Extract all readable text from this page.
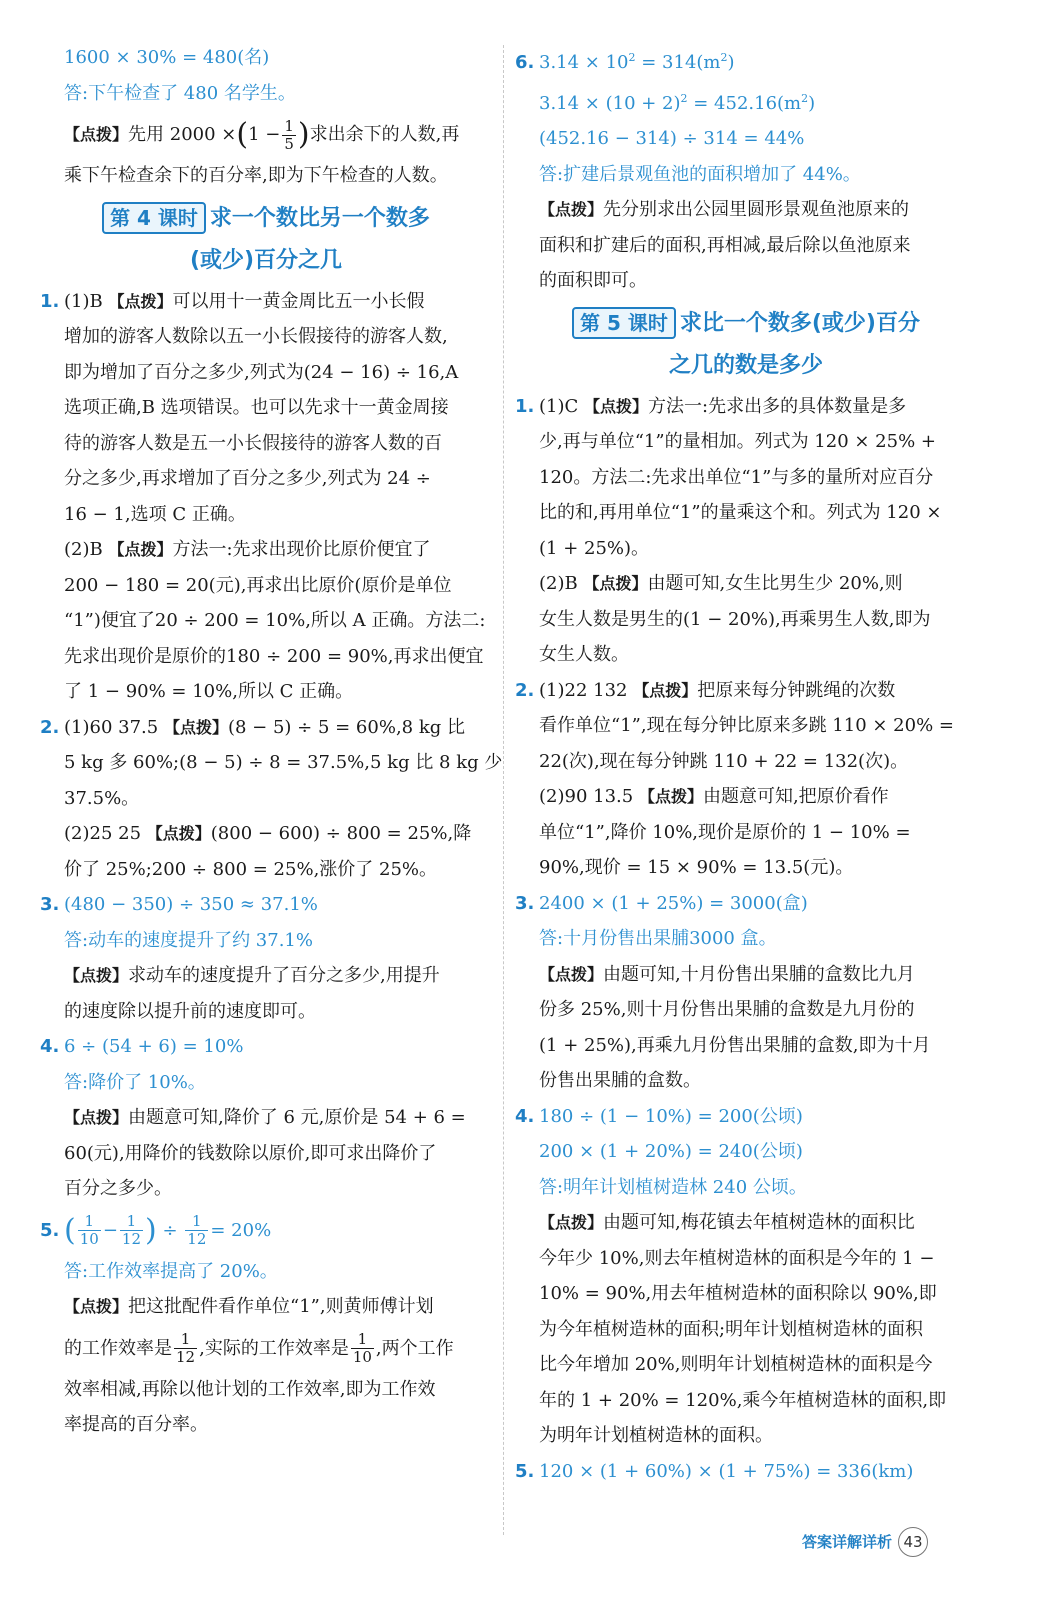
1600 × 30% = 480(名)
答:下午检查了 480 名学生。
【点拨】先用 $2000 \times(1 - \frac{1}{5}$ )求出余下的人数,再
乘下午检查余下的百分率,即为下午检查的人数。
第 4 课时 求一个数比另一个数多
(或少)百分之几
1. (1)B 【点拨】可以用十一黄金周比五一小长假
增加的游客人数除以五一小长假接待的游客人数,
即为增加了百分之多少,列式为(24 − 16) ÷ 16,A
选项正确,B 选项错误。也可以先求十一黄金周接
待的游客人数是五一小长假接待的游客人数的百
分之多少,再求增加了百分之多少,列式为 24 ÷
16 − 1,选项 C 正确。
(2)B 【点拨】方法一:先求出现价比原价便宜了
200 − 180 = 20(元),再求出比原价(原价是单位
“1”)便宜了20 ÷ 200 = 10%,所以 A 正确。方法二:
先求出现价是原价的180 ÷ 200 = 90%,再求出便宜
了 1 − 90% = 10%,所以 C 正确。
2. (1)60 37.5 【点拨】(8 − 5) ÷ 5 = 60%,8 kg 比
5 kg 多 60%;(8 − 5) ÷ 8 = 37.5%,5 kg 比 8 kg 少
37.5%。
(2)25 25 【点拨】(800 − 600) ÷ 800 = 25%,降
价了 25%;200 ÷ 800 = 25%,涨价了 25%。
3. (480 − 350) ÷ 350 ≈ 37.1%
答:动车的速度提升了约 37.1%
【点拨】求动车的速度提升了百分之多少,用提升
的速度除以提升前的速度即可。
4. 6 ÷ (54 + 6) = 10%
答:降价了 10%。
【点拨】由题意可知,降价了 6 元,原价是 54 + 6 =
60(元),用降价的钱数除以原价,即可求出降价了
百分之多少。
5. ( $\frac{1}{10} - \frac{1}{12}$ ) ÷ $\frac{1}{12} = 20\%$
答:工作效率提高了 20%。
【点拨】把这批配件看作单位“1”,则黄师傅计划
的工作效率是 $\frac{1}{12}$ ,实际的工作效率是 $\frac{1}{10}$ ,两个工作
效率相减,再除以他计划的工作效率,即为工作效
率提高的百分率。
6. $3.14 \times 10^2 = 314(m^2)$
$3.14 \times (10 + 2)^2 = 452.16(m^2)$
(452.16 − 314) ÷ 314 = 44%
答:扩建后景观鱼池的面积增加了 44%。
【点拨】先分别求出公园里圆形景观鱼池原来的
面积和扩建后的面积,再相减,最后除以鱼池原来
的面积即可。
第 5 课时 求比一个数多(或少)百分
之几的数是多少
1. (1)C 【点拨】方法一:先求出多的具体数量是多
少,再与单位“1”的量相加。列式为 120 × 25% +
120。方法二:先求出单位“1”与多的量所对应百分
比的和,再用单位“1”的量乘这个和。列式为 120 ×
(1 + 25%)。
(2)B 【点拨】由题可知,女生比男生少 20%,则
女生人数是男生的(1 − 20%),再乘男生人数,即为
女生人数。
2. (1)22 132 【点拨】把原来每分钟跳绳的次数
看作单位“1”,现在每分钟比原来多跳 110 × 20% =
22(次),现在每分钟跳 110 + 22 = 132(次)。
(2)90 13.5 【点拨】由题意可知,把原价看作
单位“1”,降价 10%,现价是原价的 1 − 10% =
90%,现价 = 15 × 90% = 13.5(元)。
3. 2400 × (1 + 25%) = 3000(盒)
答:十月份售出果脯3000 盒。
【点拨】由题可知,十月份售出果脯的盒数比九月
份多 25%,则十月份售出果脯的盒数是九月份的
(1 + 25%),再乘九月份售出果脯的盒数,即为十月
份售出果脯的盒数。
4. 180 ÷ (1 − 10%) = 200(公顷)
200 × (1 + 20%) = 240(公顷)
答:明年计划植树造林 240 公顷。
【点拨】由题可知,梅花镇去年植树造林的面积比
今年少 10%,则去年植树造林的面积是今年的 1 −
10% = 90%,用去年植树造林的面积除以 90%,即
为今年植树造林的面积;明年计划植树造林的面积
比今年增加 20%,则明年计划植树造林的面积是今
年的 1 + 20% = 120%,乘今年植树造林的面积,即
为明年计划植树造林的面积。
5. 120 × (1 + 60%) × (1 + 75%) = 336(km)
答案详解详析 43
